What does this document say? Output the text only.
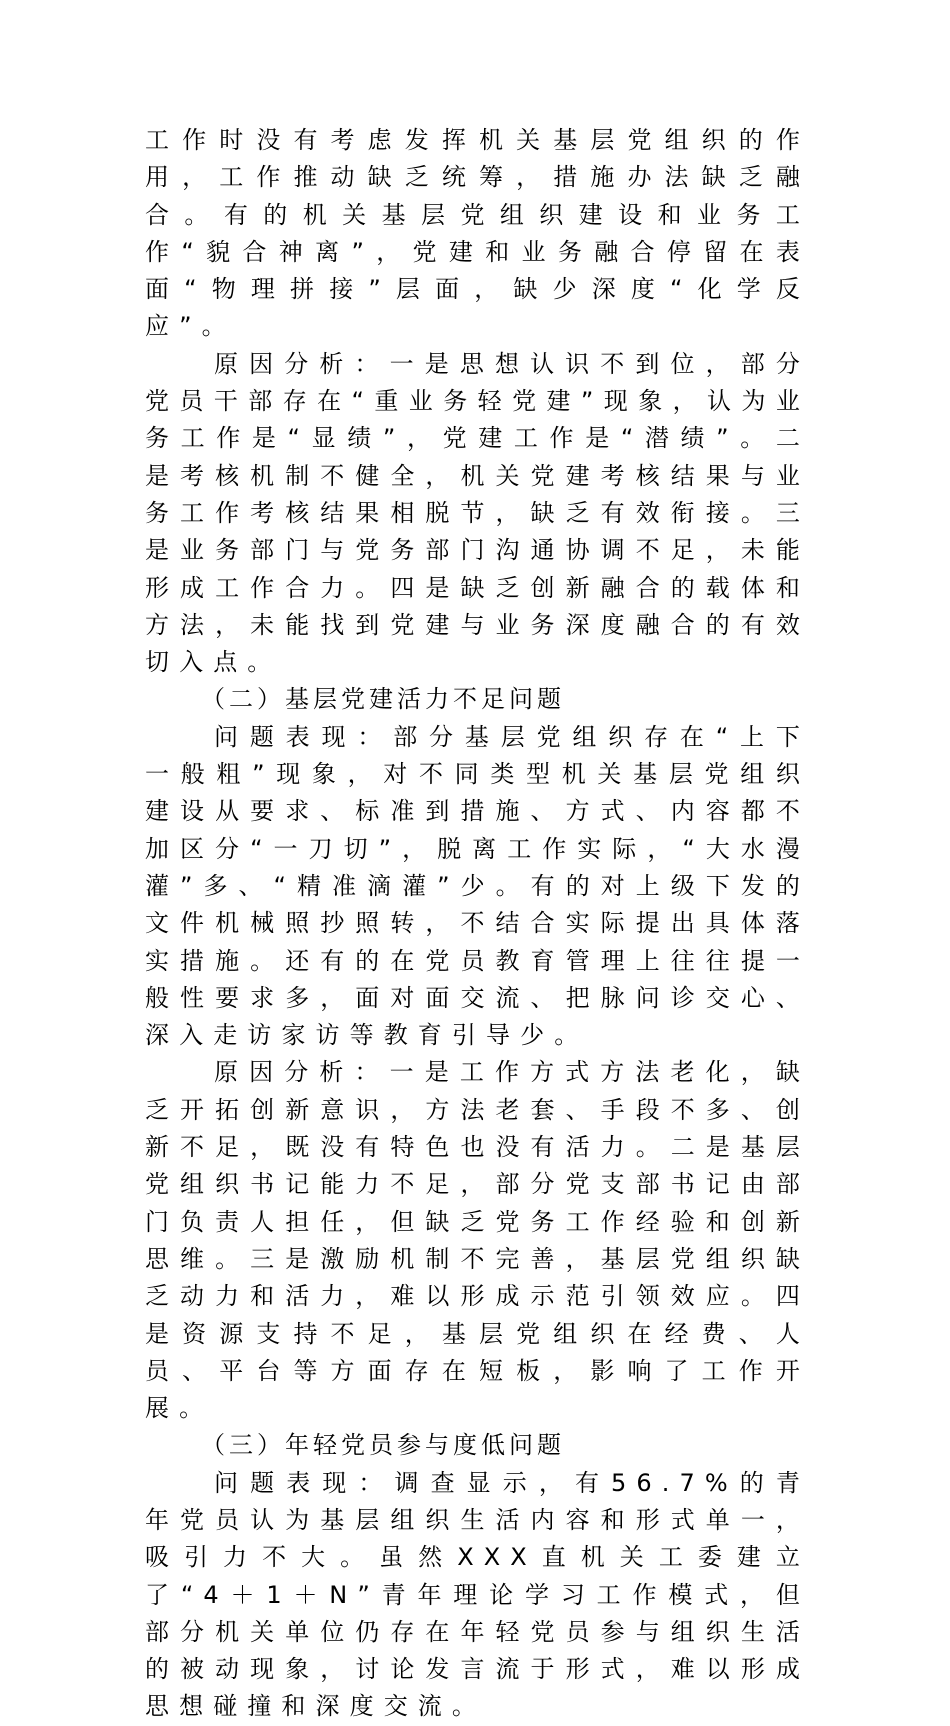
工作时没有考虑发挥机关基层党组织的作用，工作推动缺乏统筹，措施办法缺乏融合。有的机关基层党组织建设和业务工作“貌合神离”，党建和业务融合停留在表面“物理拼接”层面，缺少深度“化学反应”。

原因分析：一是思想认识不到位，部分党员干部存在“重业务轻党建”现象，认为业务工作是“显绩”，党建工作是“潜绩”。二是考核机制不健全，机关党建考核结果与业务工作考核结果相脱节，缺乏有效衔接。三是业务部门与党务部门沟通协调不足，未能形成工作合力。四是缺乏创新融合的载体和方法，未能找到党建与业务深度融合的有效切入点。

（二）基层党建活力不足问题

问题表现：部分基层党组织存在“上下一般粗”现象，对不同类型机关基层党组织建设从要求、标准到措施、方式、内容都不加区分“一刀切”，脱离工作实际，“大水漫灌”多、“精准滴灌”少。有的对上级下发的文件机械照抄照转，不结合实际提出具体落实措施。还有的在党员教育管理上往往提一般性要求多，面对面交流、把脉问诊交心、深入走访家访等教育引导少。

原因分析：一是工作方式方法老化，缺乏开拓创新意识，方法老套、手段不多、创新不足，既没有特色也没有活力。二是基层党组织书记能力不足，部分党支部书记由部门负责人担任，但缺乏党务工作经验和创新思维。三是激励机制不完善，基层党组织缺乏动力和活力，难以形成示范引领效应。四是资源支持不足，基层党组织在经费、人员、平台等方面存在短板，影响了工作开展。

（三）年轻党员参与度低问题

问题表现：调查显示，有56.7%的青年党员认为基层组织生活内容和形式单一，吸引力不大。虽然XXX直机关工委建立了“4＋1＋N”青年理论学习工作模式，但部分机关单位仍存在年轻党员参与组织生活的被动现象，讨论发言流于形式，难以形成思想碰撞和深度交流。
